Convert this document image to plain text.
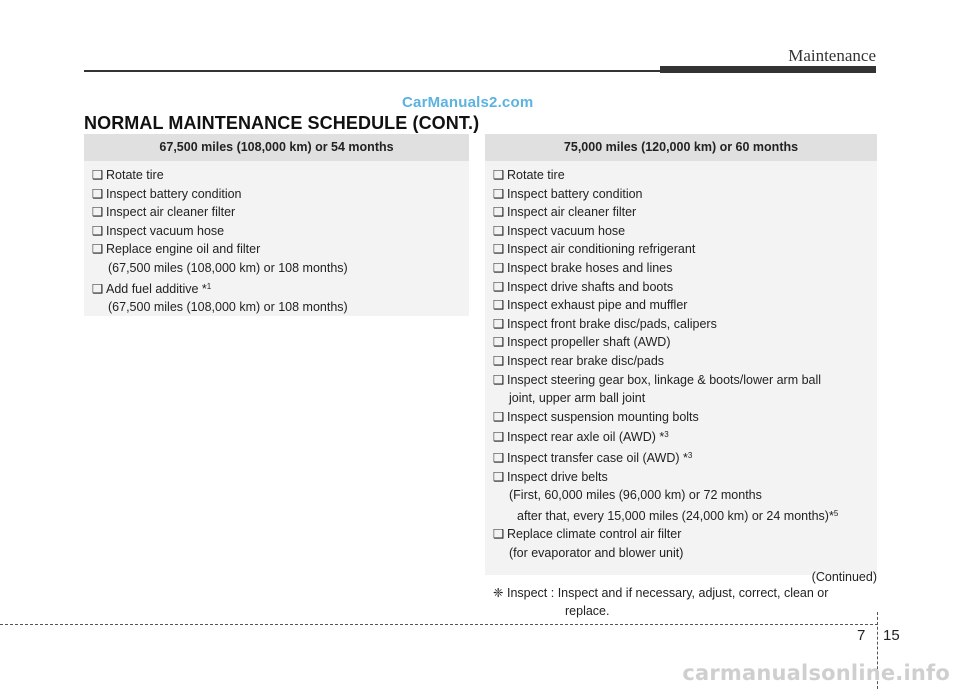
Maintenance
CarManuals2.com
NORMAL MAINTENANCE SCHEDULE (CONT.)
67,500 miles (108,000 km) or 54 months
❑ Rotate tire
❑ Inspect battery condition
❑ Inspect air cleaner filter
❑ Inspect vacuum hose
❑ Replace engine oil and filter
(67,500 miles (108,000 km) or 108 months)
❑ Add fuel additive *$^1$
(67,500 miles (108,000 km) or 108 months)
75,000 miles (120,000 km) or 60 months
❑ Rotate tire
❑ Inspect battery condition
❑ Inspect air cleaner filter
❑ Inspect vacuum hose
❑ Inspect air conditioning refrigerant
❑ Inspect brake hoses and lines
❑ Inspect drive shafts and boots
❑ Inspect exhaust pipe and muffler
❑ Inspect front brake disc/pads, calipers
❑ Inspect propeller shaft (AWD)
❑ Inspect rear brake disc/pads
❑ Inspect steering gear box, linkage & boots/lower arm ball
joint, upper arm ball joint
❑ Inspect suspension mounting bolts
❑ Inspect rear axle oil (AWD) *$^3$
❑ Inspect transfer case oil (AWD) *$^3$
❑ Inspect drive belts
(First, 60,000 miles (96,000 km) or 72 months
after that, every 15,000 miles (24,000 km) or 24 months)*$^5$
❑ Replace climate control air filter
(for evaporator and blower unit)
(Continued)
❈ Inspect : Inspect and if necessary, adjust, correct, clean or
replace.
7 15
carmanualsonline.info
